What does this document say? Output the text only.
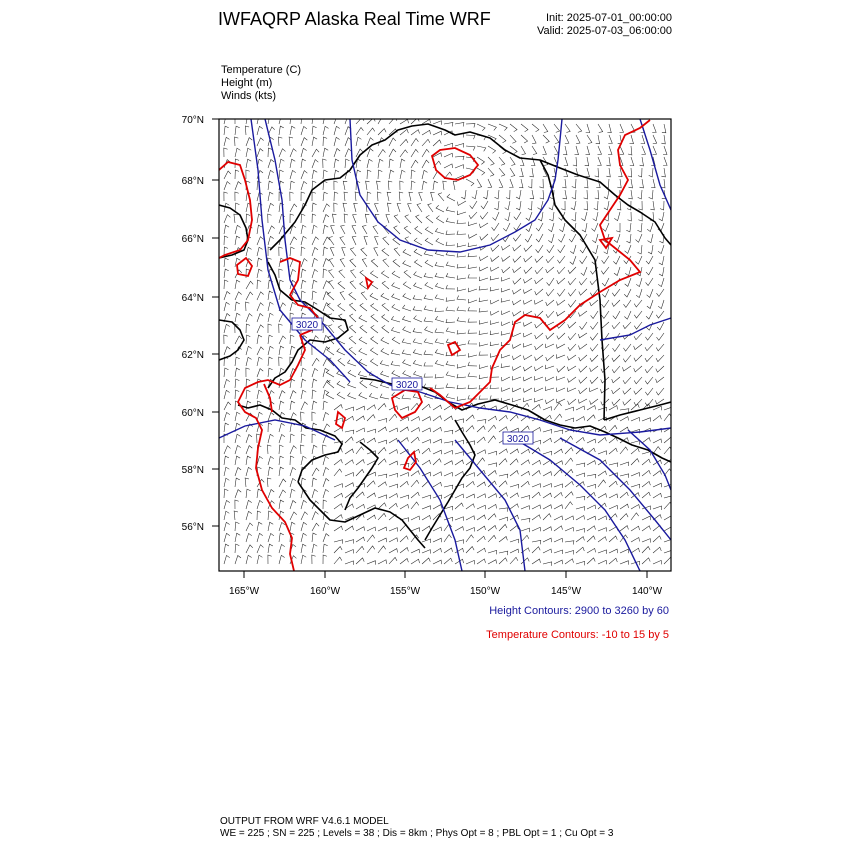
IWFAQRP Alaska Real Time WRF	Init: 2025-07-01_00:00:00
Valid: 2025-07-03_06:00:00
Temperature (C)
Height (m)
Winds (kts)
3020
3020
3020
70°N
68°N
66°N
64°N
62°N
60°N
58°N
56°N
165°W	160°W	155°W	150°W	145°W	140°W
Height Contours: 2900 to 3260 by 60
Temperature Contours: -10 to 15 by 5
OUTPUT FROM WRF V4.6.1 MODEL
WE = 225 ; SN = 225 ; Levels = 38 ; Dis = 8km ; Phys Opt = 8 ; PBL Opt = 1 ; Cu Opt = 3
